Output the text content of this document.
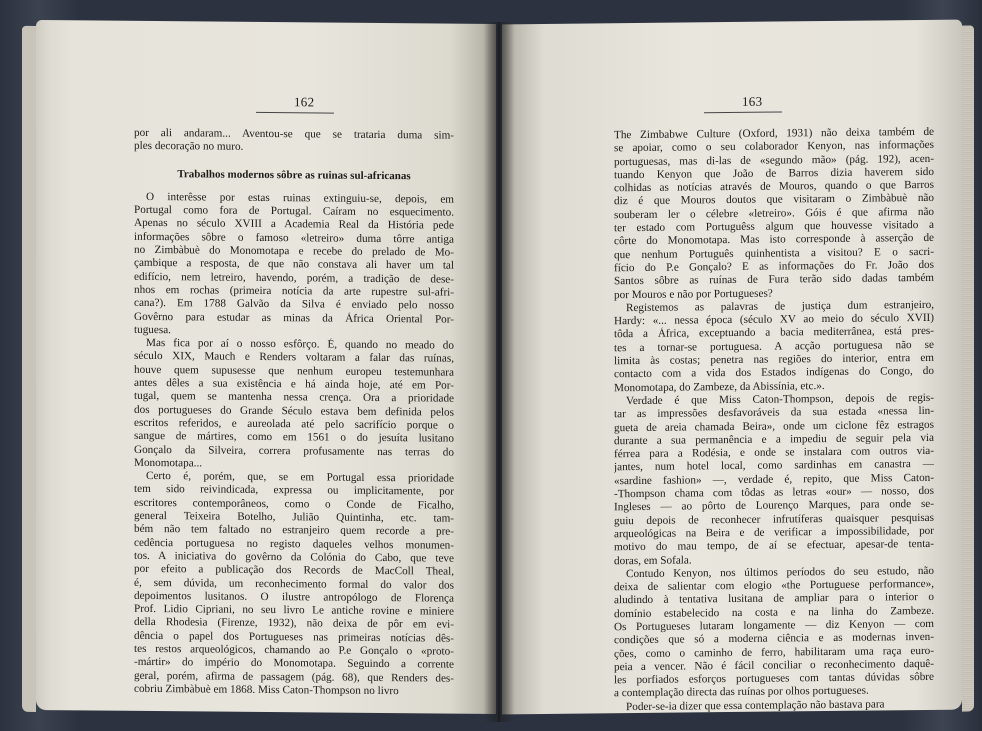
162
por ali andaram... Aventou-se que se trataria duma sim-
ples decoração no muro.
Trabalhos modernos sôbre as ruinas sul-africanas
O interêsse por estas ruinas extinguiu-se, depois, em
Portugal como fora de Portugal. Caíram no esquecimento.
Apenas no século XVIII a Academia Real da História pede
informações sôbre o famoso «letreiro» duma tôrre antiga
no Zimbàbuè do Monomotapa e recebe do prelado de Mo-
çambique a resposta, de que não constava ali haver um tal
edifício, nem letreiro, havendo, porém, a tradição de dese-
nhos em rochas (primeira notícia da arte rupestre sul-afri-
cana?). Em 1788 Galvão da Silva é enviado pelo nosso
Govêrno para estudar as minas da África Oriental Por-
tuguesa.
Mas fica por aí o nosso esfôrço. É, quando no meado do
século XIX, Mauch e Renders voltaram a falar das ruínas,
houve quem supusesse que nenhum europeu testemunhara
antes dêles a sua existência e há ainda hoje, até em Por-
tugal, quem se mantenha nessa crença. Ora a prioridade
dos portugueses do Grande Século estava bem definida pelos
escritos referidos, e aureolada até pelo sacrifício porque o
sangue de mártires, como em 1561 o do jesuíta lusitano
Gonçalo da Silveira, correra profusamente nas terras do
Monomotapa...
Certo é, porém, que, se em Portugal essa prioridade
tem sido reivindicada, expressa ou implicitamente, por
escritores contemporâneos, como o Conde de Ficalho,
general Teixeira Botelho, Julião Quintinha, etc. tam-
bém não tem faltado no estranjeiro quem recorde a pre-
cedência portuguesa no registo daqueles velhos monumen-
tos. A iniciativa do govêrno da Colónia do Cabo, que teve
por efeito a publicação dos Records de MacColl Theal,
é, sem dúvida, um reconhecimento formal do valor dos
depoimentos lusitanos. O ilustre antropólogo de Florença
Prof. Lidio Cipriani, no seu livro Le antiche rovine e miniere
della Rhodesia (Firenze, 1932), não deixa de pôr em evi-
dência o papel dos Portugueses nas primeiras notícias dês-
tes restos arqueológicos, chamando ao P.e Gonçalo o «proto-
-mártir» do império do Monomotapa. Seguindo a corrente
geral, porém, afirma de passagem (pág. 68), que Renders des-
cobriu Zimbàbuè em 1868. Miss Caton-Thompson no livro
163
The Zimbabwe Culture (Oxford, 1931) não deixa também de
se apoiar, como o seu colaborador Kenyon, nas informações
portuguesas, mas di-las de «segundo mão» (pág. 192), acen-
tuando Kenyon que João de Barros dizia haverem sido
colhidas as notícias através de Mouros, quando o que Barros
diz é que Mouros doutos que visitaram o Zimbàbuè não
souberam ler o célebre «letreiro». Góis é que afirma não
ter estado com Portuguêss algum que houvesse visitado a
côrte do Monomotapa. Mas isto corresponde à asserção de
que nenhum Português quinhentista a visitou? E o sacri-
fício do P.e Gonçalo? E as informações do Fr. João dos
Santos sôbre as ruínas de Fura terão sido dadas também
por Mouros e não por Portugueses?
Registemos as palavras de justiça dum estranjeiro,
Hardy: «... nessa época (século XV ao meio do século XVII)
tôda a África, exceptuando a bacia mediterrânea, está pres-
tes a tornar-se portuguesa. A acção portuguesa não se
limita às costas; penetra nas regiões do interior, entra em
contacto com a vida dos Estados indígenas do Congo, do
Monomotapa, do Zambeze, da Abissínia, etc.».
Verdade é que Miss Caton-Thompson, depois de regis-
tar as impressões desfavoráveis da sua estada «nessa lin-
gueta de areia chamada Beira», onde um ciclone fêz estragos
durante a sua permanência e a impediu de seguir pela via
férrea para a Rodésia, e onde se instalara com outros via-
jantes, num hotel local, como sardinhas em canastra —
«sardine fashion» —, verdade é, repito, que Miss Caton-
-Thompson chama com tôdas as letras «our» — nosso, dos
Ingleses — ao pôrto de Lourenço Marques, para onde se-
guiu depois de reconhecer infrutíferas quaisquer pesquisas
arqueológicas na Beira e de verificar a impossibilidade, por
motivo do mau tempo, de aí se efectuar, apesar-de tenta-
doras, em Sofala.
Contudo Kenyon, nos últimos períodos do seu estudo, não
deixa de salientar com elogio «the Portuguese performance»,
aludindo à tentativa lusitana de ampliar para o interior o
domínio estabelecido na costa e na linha do Zambeze.
Os Portugueses lutaram longamente — diz Kenyon — com
condições que só a moderna ciência e as modernas inven-
ções, como o caminho de ferro, habilitaram uma raça euro-
peia a vencer. Não é fácil conciliar o reconhecimento daquê-
les porfiados esforços portugueses com tantas dúvidas sôbre
a contemplação directa das ruínas por olhos portugueses.
Poder-se-ia dizer que essa contemplação não bastava para
